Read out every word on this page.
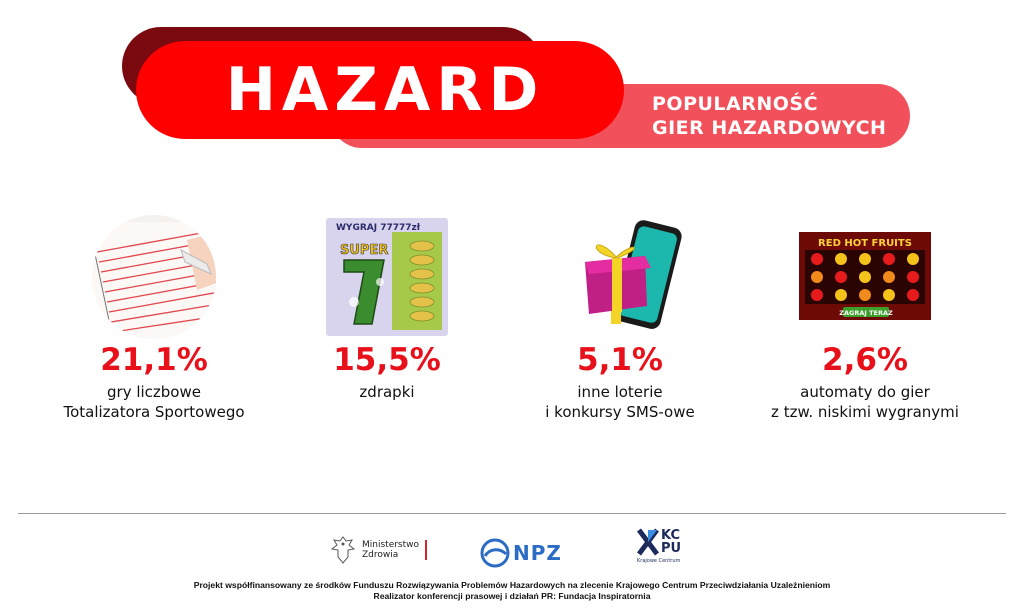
HAZARD	POPULARNOŚĆ
GIER HAZARDOWYCH
21,1%
gry liczbowe
Totalizatora Sportowego
WYGRAJ 77777zł
SUPER
15,5%
zdrapki
5,1%
inne loterie
i konkursy SMS-owe
RED HOT FRUITS
ZAGRAJ TERAZ
2,6%
automaty do gier
z tzw. niskimi wygranymi
Ministerstwo
Zdrowia	NPZ
KC
PU
Krajowe Centrum
Projekt współfinansowany ze środków Funduszu Rozwiązywania Problemów Hazardowych na zlecenie Krajowego Centrum Przeciwdziałania Uzależnieniom
Realizator konferencji prasowej i działań PR: Fundacja Inspiratornia
